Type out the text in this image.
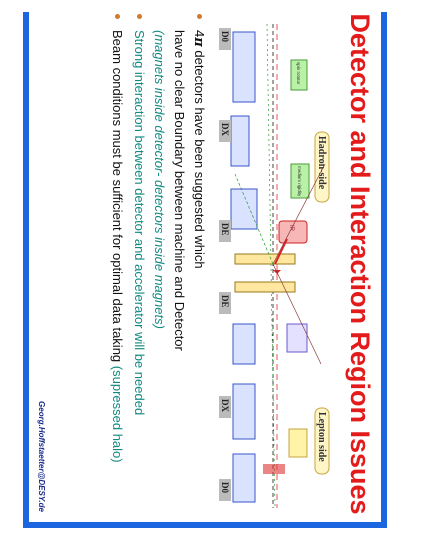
Detector and Interaction Region Issues
D0
DX
DE
DE
DX
D0
Hadron-side
Lepton side
spin rotator
medium rigidity
IR
4π detectors have been suggested which
have no clear Boundary between machine and Detector
(magnets inside detector- detectors inside magnets)
Strong interaction between detector and accelerator will be needed
Beam conditions must be sufficient for optimal data taking (supressed halo)
Georg.Hoffstaetter@DESY.de
